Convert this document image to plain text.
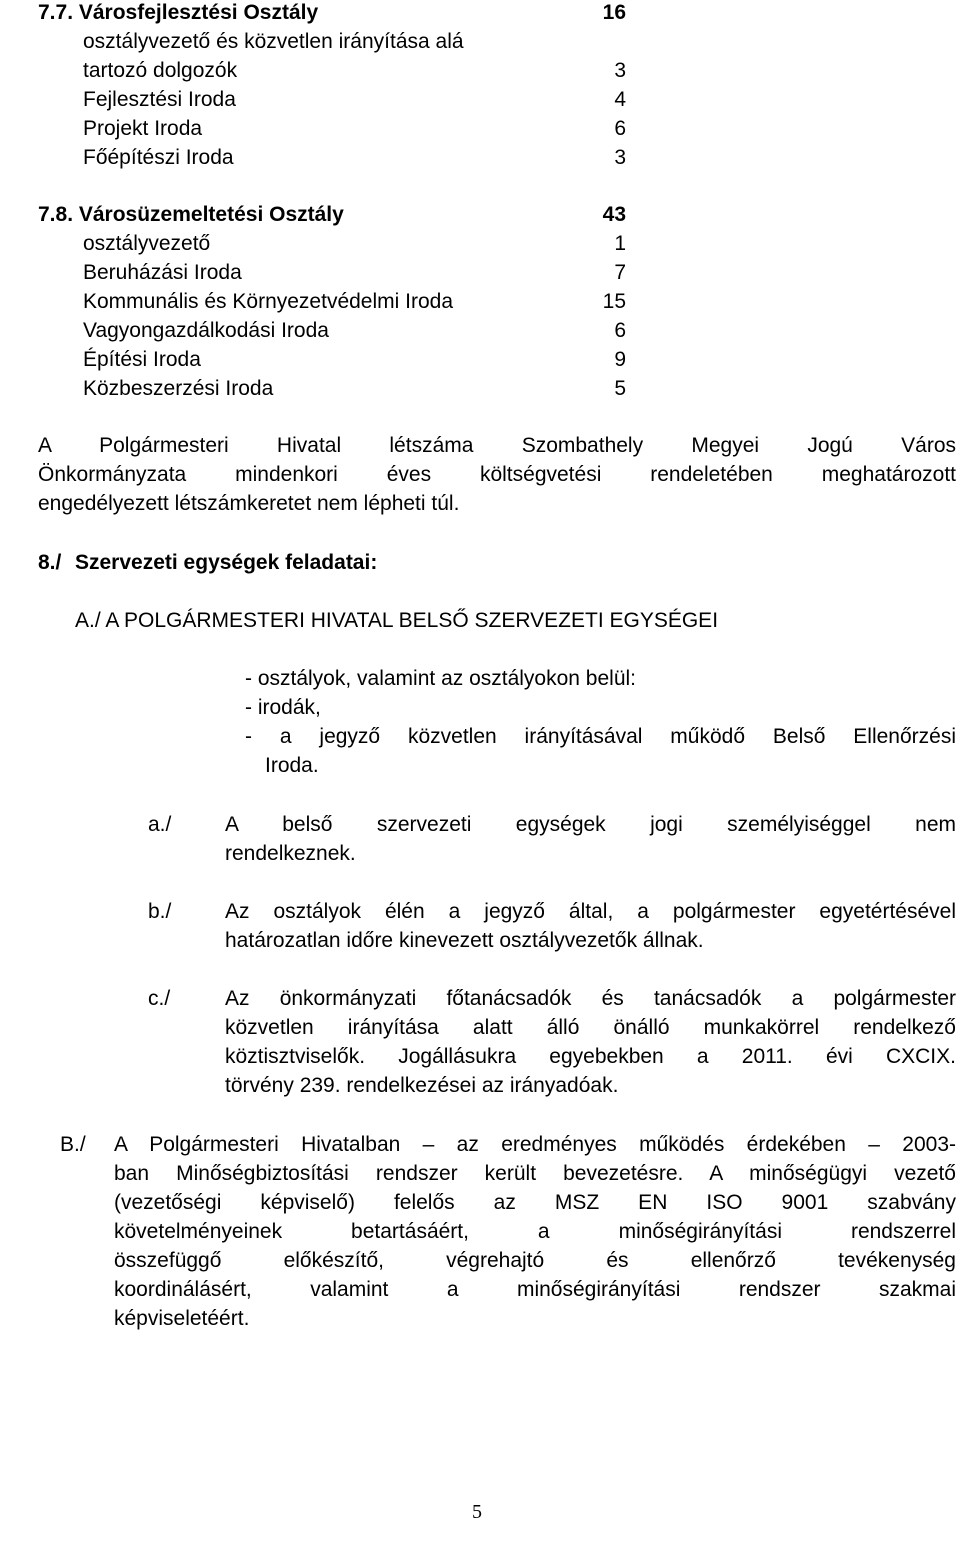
7.7. Városfejlesztési Osztály	16
osztályvezető és közvetlen irányítása alá
tartozó dolgozók	3
Fejlesztési Iroda	4
Projekt Iroda	6
Főépítészi Iroda	3
7.8. Városüzemeltetési Osztály	43
osztályvezető	1
Beruházási Iroda	7
Kommunális és Környezetvédelmi Iroda	15
Vagyongazdálkodási Iroda	6
Építési Iroda	9
Közbeszerzési Iroda	5
A Polgármesteri Hivatal létszáma Szombathely Megyei Jogú Város
Önkormányzata mindenkori éves költségvetési rendeletében meghatározott
engedélyezett létszámkeretet nem lépheti túl.
8./ Szervezeti egységek feladatai:
A./ A POLGÁRMESTERI HIVATAL BELSŐ SZERVEZETI EGYSÉGEI
- osztályok, valamint az osztályokon belül:
- irodák,
- a jegyző közvetlen irányításával működő Belső Ellenőrzési
Iroda.
a./	A belső szervezeti egységek jogi személyiséggel nem
rendelkeznek.
b./	Az osztályok élén a jegyző által, a polgármester egyetértésével
határozatlan időre kinevezett osztályvezetők állnak.
c./	Az önkormányzati főtanácsadók és tanácsadók a polgármester
közvetlen irányítása alatt álló önálló munkakörrel rendelkező
köztisztviselők. Jogállásukra egyebekben a 2011. évi CXCIX.
törvény 239. rendelkezései az irányadóak.
B./ A Polgármesteri Hivatalban – az eredményes működés érdekében – 2003-
ban Minőségbiztosítási rendszer került bevezetésre. A minőségügyi vezető
(vezetőségi képviselő) felelős az MSZ EN ISO 9001 szabvány
követelményeinek betartásáért, a minőségirányítási rendszerrel
összefüggő előkészítő, végrehajtó és ellenőrző tevékenység
koordinálásért, valamint a minőségirányítási rendszer szakmai
képviseletéért.
5
